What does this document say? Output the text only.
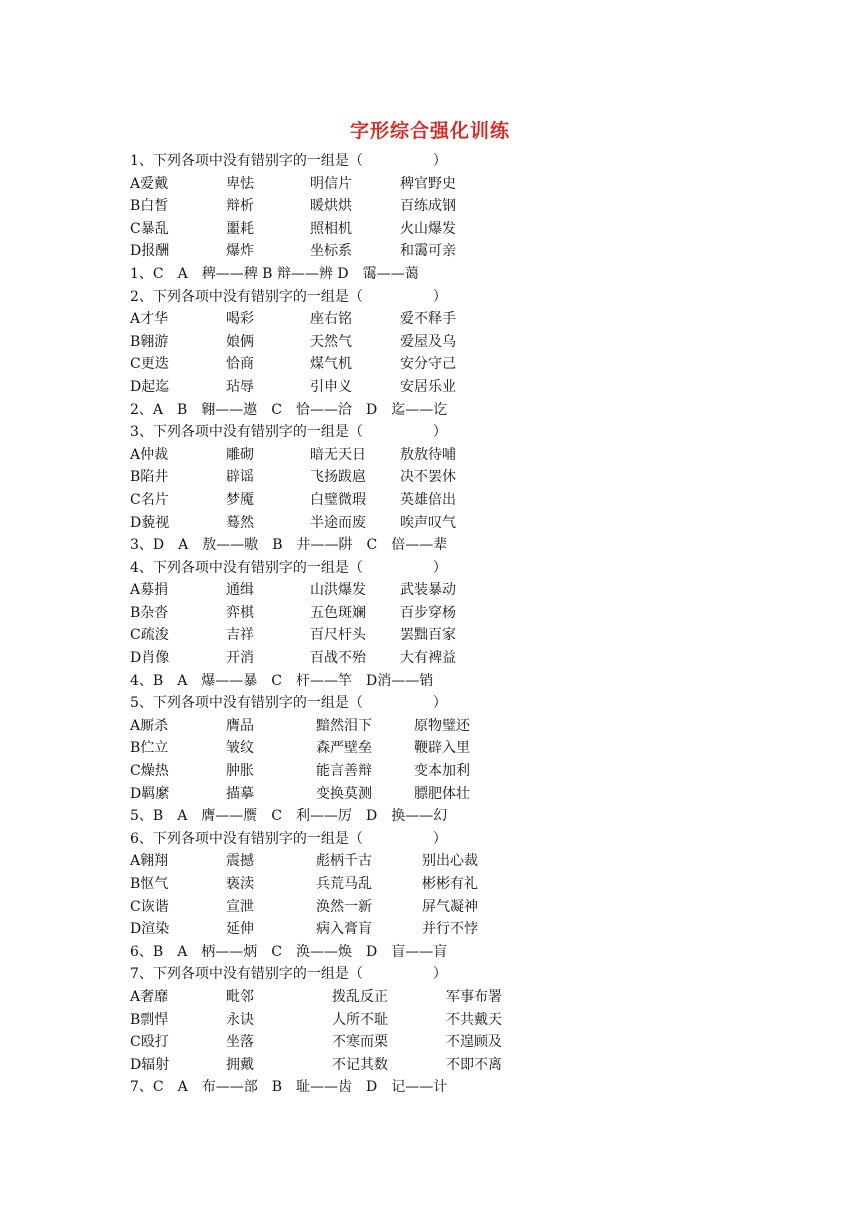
字形综合强化训练
1、下列各项中没有错别字的一组是（　　　　　）
A爱戴	卑怯	明信片	稗官野史
B白皙	辩析	暖烘烘	百练成钢
C暴乱	噩耗	照相机	火山爆发
D报酬	爆炸	坐标系	和霭可亲
1、C　A　稗——稗 B 辩——辨 D　霭——蔼
2、下列各项中没有错别字的一组是（　　　　　）
A才华	喝彩	座右铭	爱不释手
B翱游	娘俩	天然气	爱屋及乌
C更迭	恰商	煤气机	安分守己
D起迄	玷辱	引申义	安居乐业
2、A　B　翱——遨　C　恰——洽　D　迄——讫
3、下列各项中没有错别字的一组是（　　　　　）
A仲裁	雕砌	暗无天日 敖敖待哺
B陷井	辟谣	飞扬跋扈 决不罢休
C名片	梦魇	白璧微瑕 英雄倍出
D藐视	蓦然	半途而废 唉声叹气
3、D　A　敖——嗷　B　井——阱　C　倍——辈
4、下列各项中没有错别字的一组是（　　　　　）
A募捐	通缉	山洪爆发 武装暴动
B杂沓	弈棋	五色斑斓 百步穿杨
C疏浚	吉祥	百尺杆头 罢黜百家
D肖像	开消	百战不殆 大有裨益
4、B　A　爆——暴　C　杆——竿　D消——销
5、下列各项中没有错别字的一组是（　　　　　）
A厮杀	膺品	黯然泪下	原物璧还
B伫立	皱纹	森严壁垒	鞭辟入里
C燥热	肿胀	能言善辩	变本加利
D羁縻	描摹	变换莫测	膘肥体壮
5、B　A　膺——赝　C　利——厉　D　换——幻
6、下列各项中没有错别字的一组是（　　　　　）
A翱翔	震撼	彪柄千古	别出心裁
B怄气	亵渎	兵荒马乱	彬彬有礼
C诙谐	宣泄	涣然一新	屏气凝神
D渲染	延伸	病入膏肓	并行不悖
6、B　A　柄——炳　C　涣——焕　D　盲——肓
7、下列各项中没有错别字的一组是（　　　　　）
A奢靡	毗邻	拨乱反正	军事布署
B剽悍	永诀	人所不耻	不共戴天
C殴打	坐落	不寒而栗	不遑顾及
D辐射	拥戴	不记其数	不即不离
7、C　A　布——部　B　耻——齿　D　记——计
